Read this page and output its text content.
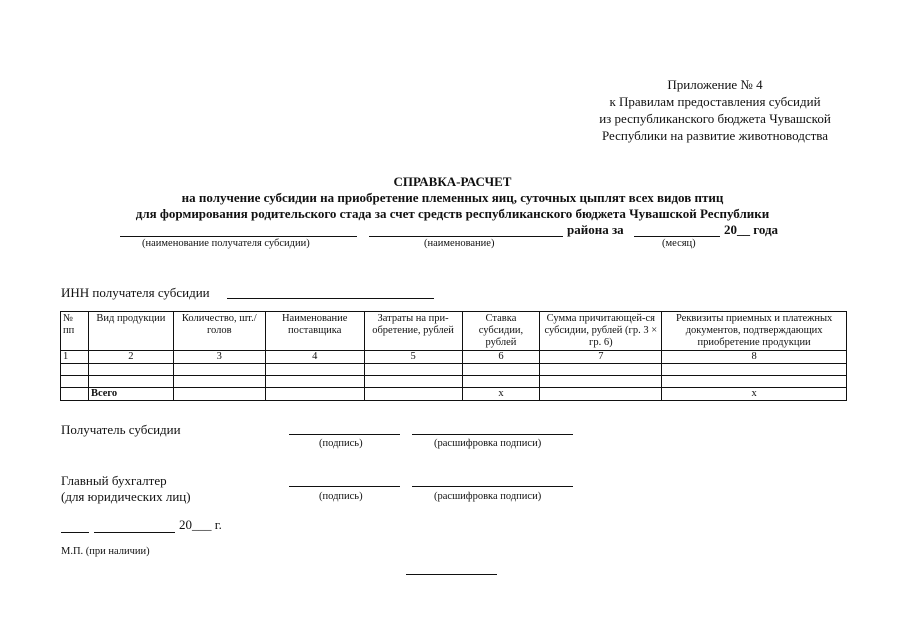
Приложение № 4
к Правилам предоставления субсидий
из республиканского бюджета Чувашской
Республики на развитие животноводства
СПРАВКА-РАСЧЕТ
на получение субсидии на приобретение племенных яиц, суточных цыплят всех видов птиц
для формирования родительского стада за счет средств республиканского бюджета Чувашской Республики
района за	20__ года
(наименование получателя субсидии)	(наименование)	(месяц)
ИНН получателя субсидии
№ пп	Вид продукции	Количество, шт./голов	Наименование поставщика	Затраты на при-обретение, рублей	Ставка субсидии, рублей	Сумма причитающей-ся субсидии, рублей (гр. 3 × гр. 6)	Реквизиты приемных и платежных документов, подтверждающих приобретение продукции
1	2	3	4	5	6	7	8

	Всего				х		х
Получатель субсидии
(подпись)	(расшифровка подписи)
Главный бухгалтер
(для юридических лиц)	(подпись)	(расшифровка подписи)
20___ г.
М.П. (при наличии)
